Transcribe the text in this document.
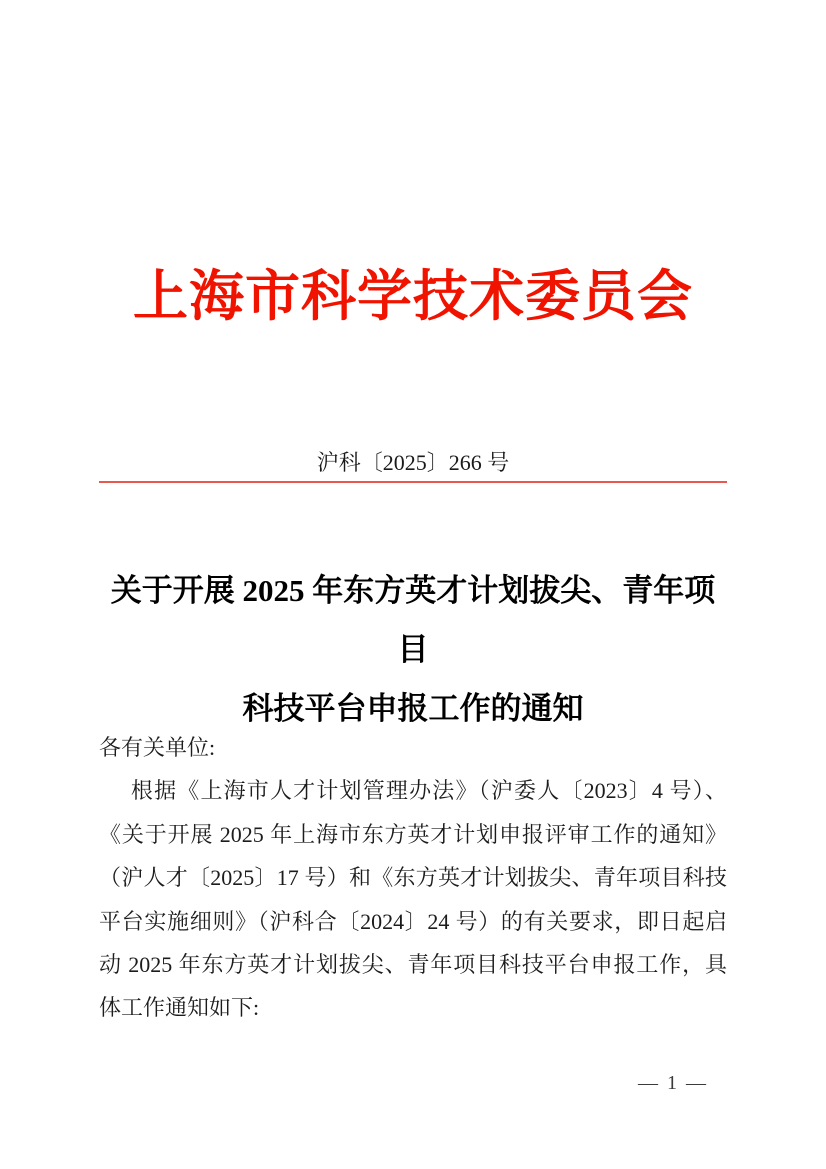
上海市科学技术委员会
沪科〔2025〕266 号
关于开展 2025 年东方英才计划拔尖、青年项目
科技平台申报工作的通知
各有关单位:
根据《上海市人才计划管理办法》（沪委人〔2023〕4 号）、
《关于开展 2025 年上海市东方英才计划申报评审工作的通知》
（沪人才〔2025〕17 号）和《东方英才计划拔尖、青年项目科技
平台实施细则》（沪科合〔2024〕24 号）的有关要求，即日起启
动 2025 年东方英才计划拔尖、青年项目科技平台申报工作，具
体工作通知如下:
— 1 —
